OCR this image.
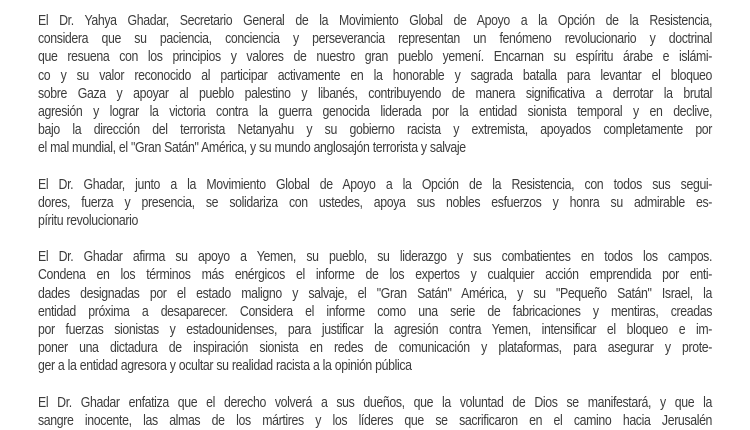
El Dr. Yahya Ghadar, Secretario General de la Movimiento Global de Apoyo a la Opción de la Resistencia,
considera que su paciencia, conciencia y perseverancia representan un fenómeno revolucionario y doctrinal
que resuena con los principios y valores de nuestro gran pueblo yemení. Encarnan su espíritu árabe e islámi-
co y su valor reconocido al participar activamente en la honorable y sagrada batalla para levantar el bloqueo
sobre Gaza y apoyar al pueblo palestino y libanés, contribuyendo de manera significativa a derrotar la brutal
agresión y lograr la victoria contra la guerra genocida liderada por la entidad sionista temporal y en declive,
bajo la dirección del terrorista Netanyahu y su gobierno racista y extremista, apoyados completamente por
el mal mundial, el "Gran Satán" América, y su mundo anglosajón terrorista y salvaje
El Dr. Ghadar, junto a la Movimiento Global de Apoyo a la Opción de la Resistencia, con todos sus segui-
dores, fuerza y presencia, se solidariza con ustedes, apoya sus nobles esfuerzos y honra su admirable es-
píritu revolucionario
El Dr. Ghadar afirma su apoyo a Yemen, su pueblo, su liderazgo y sus combatientes en todos los campos.
Condena en los términos más enérgicos el informe de los expertos y cualquier acción emprendida por enti-
dades designadas por el estado maligno y salvaje, el "Gran Satán" América, y su "Pequeño Satán" Israel, la
entidad próxima a desaparecer. Considera el informe como una serie de fabricaciones y mentiras, creadas
por fuerzas sionistas y estadounidenses, para justificar la agresión contra Yemen, intensificar el bloqueo e im-
poner una dictadura de inspiración sionista en redes de comunicación y plataformas, para asegurar y prote-
ger a la entidad agresora y ocultar su realidad racista a la opinión pública
El Dr. Ghadar enfatiza que el derecho volverá a sus dueños, que la voluntad de Dios se manifestará, y que la
sangre inocente, las almas de los mártires y los líderes que se sacrificaron en el camino hacia Jerusalén
